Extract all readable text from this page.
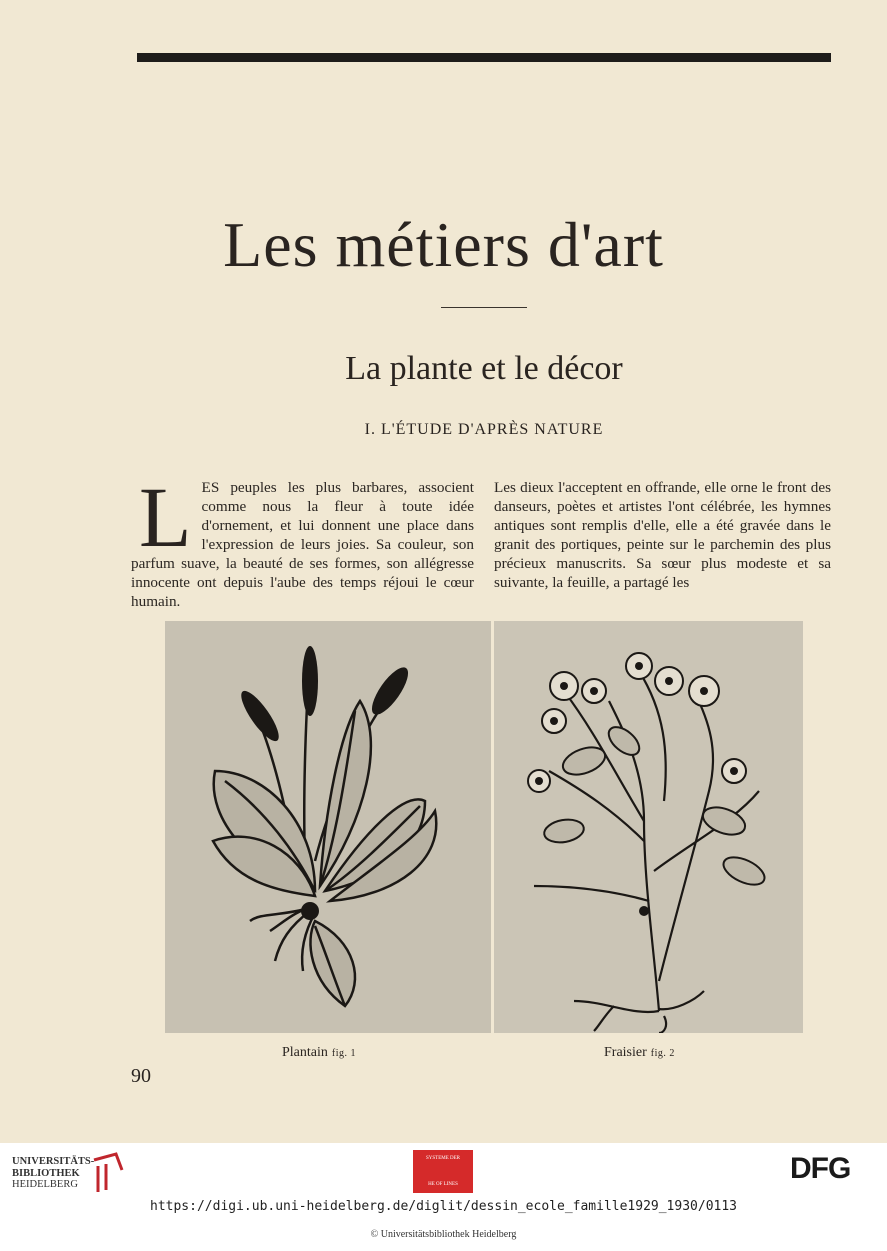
Les métiers d'art
La plante et le décor
I. L'ÉTUDE D'APRÈS NATURE
L ES peuples les plus barbares, associent comme nous la fleur à toute idée d'ornement, et lui donnent une place dans l'expression de leurs joies. Sa couleur, son parfum suave, la beauté de ses formes, son allégresse innocente ont depuis l'aube des temps réjoui le cœur humain.
Les dieux l'acceptent en offrande, elle orne le front des danseurs, poètes et artistes l'ont célébrée, les hymnes antiques sont remplis d'elle, elle a été gravée dans le granit des portiques, peinte sur le parchemin des plus précieux manuscrits. Sa sœur plus modeste et sa suivante, la feuille, a partagé les
Plantain fig. 1	Fraisier fig. 2
90
UNIVERSITÄTS-
BIBLIOTHEK
HEIDELBERG
SYSTEME DER
HE OF LINES	DFG
https://digi.ub.uni-heidelberg.de/diglit/dessin_ecole_famille1929_1930/0113
© Universitätsbibliothek Heidelberg
